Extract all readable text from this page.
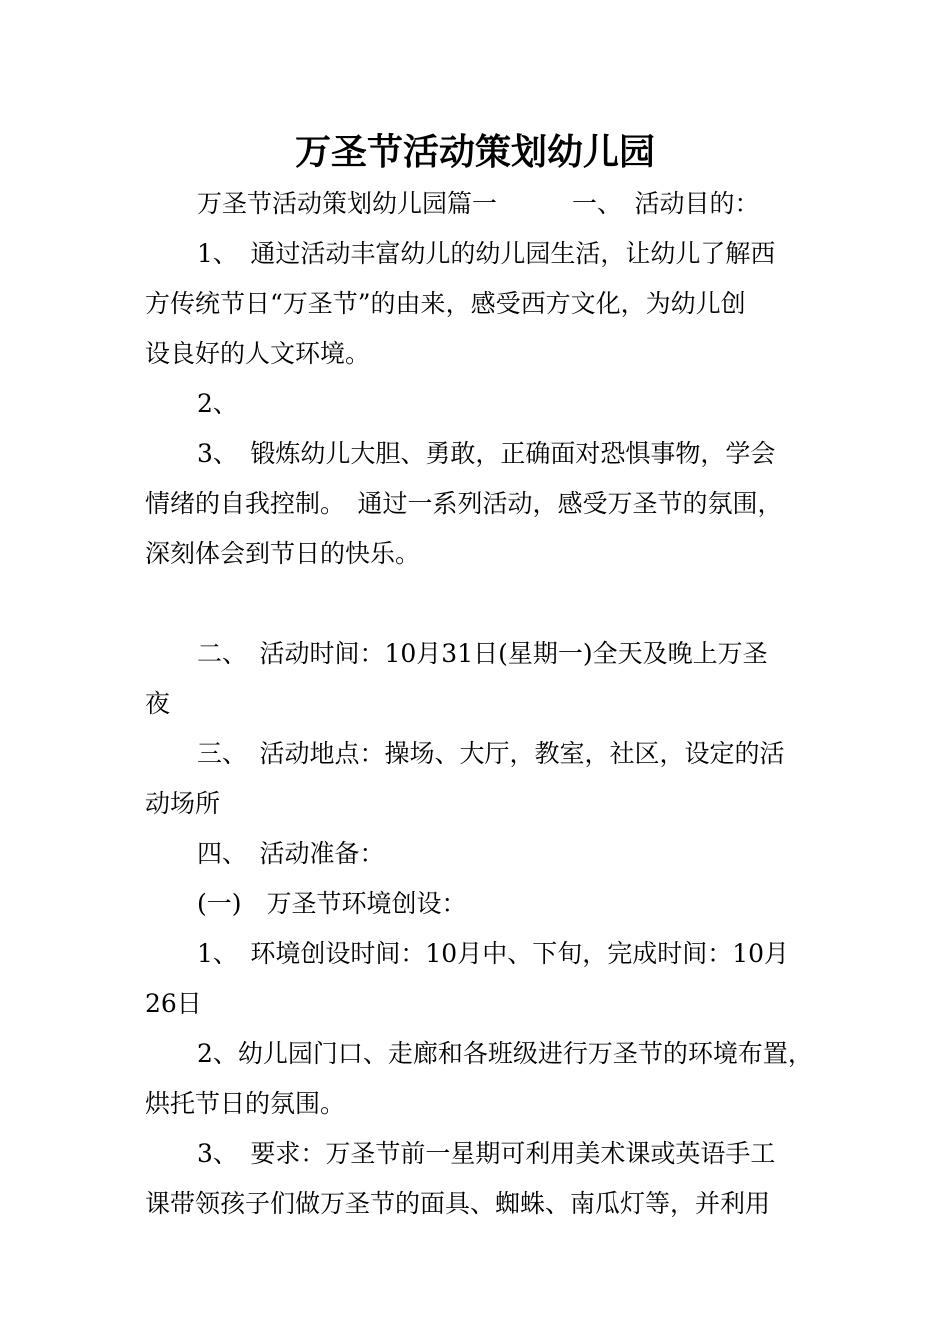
万圣节活动策划幼儿园
万圣节活动策划幼儿园篇一　　　一、　活动目的：
1、　通过活动丰富幼儿的幼儿园生活，让幼儿了解西
方传统节日“万圣节”的由来，感受西方文化，为幼儿创
设良好的人文环境。
2、
3、　锻炼幼儿大胆、勇敢，正确面对恐惧事物，学会
情绪的自我控制。　通过一系列活动，感受万圣节的氛围，
深刻体会到节日的快乐。
二、　活动时间：10月31日(星期一)全天及晚上万圣
夜
三、　活动地点：操场、大厅，教室，社区，设定的活
动场所
四、　活动准备：
(一)　万圣节环境创设：
1、　环境创设时间：10月中、下旬，完成时间：10月
26日
2、幼儿园门口、走廊和各班级进行万圣节的环境布置，
烘托节日的氛围。
3、　要求：万圣节前一星期可利用美术课或英语手工
课带领孩子们做万圣节的面具、蜘蛛、南瓜灯等，并利用
